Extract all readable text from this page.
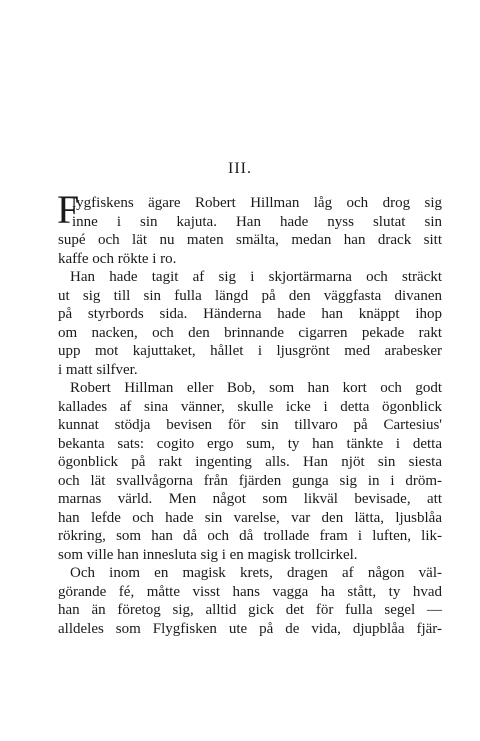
III.
F
lygfiskens ägare Robert Hillman låg och drog sig
inne i sin kajuta. Han hade nyss slutat sin
supé och lät nu maten smälta, medan han drack sitt
kaffe och rökte i ro.
Han hade tagit af sig i skjortärmarna och sträckt
ut sig till sin fulla längd på den väggfasta divanen
på styrbords sida. Händerna hade han knäppt ihop
om nacken, och den brinnande cigarren pekade rakt
upp mot kajuttaket, hållet i ljusgrönt med arabesker
i matt silfver.
Robert Hillman eller Bob, som han kort och godt
kallades af sina vänner, skulle icke i detta ögonblick
kunnat stödja bevisen för sin tillvaro på Cartesius'
bekanta sats: cogito ergo sum, ty han tänkte i detta
ögonblick på rakt ingenting alls. Han njöt sin siesta
och lät svallvågorna från fjärden gunga sig in i dröm-
marnas värld. Men något som likväl bevisade, att
han lefde och hade sin varelse, var den lätta, ljusblåa
rökring, som han då och då trollade fram i luften, lik-
som ville han innesluta sig i en magisk trollcirkel.
Och inom en magisk krets, dragen af någon väl-
görande fé, måtte visst hans vagga ha stått, ty hvad
han än företog sig, alltid gick det för fulla segel —
alldeles som Flygfisken ute på de vida, djupblåa fjär-
